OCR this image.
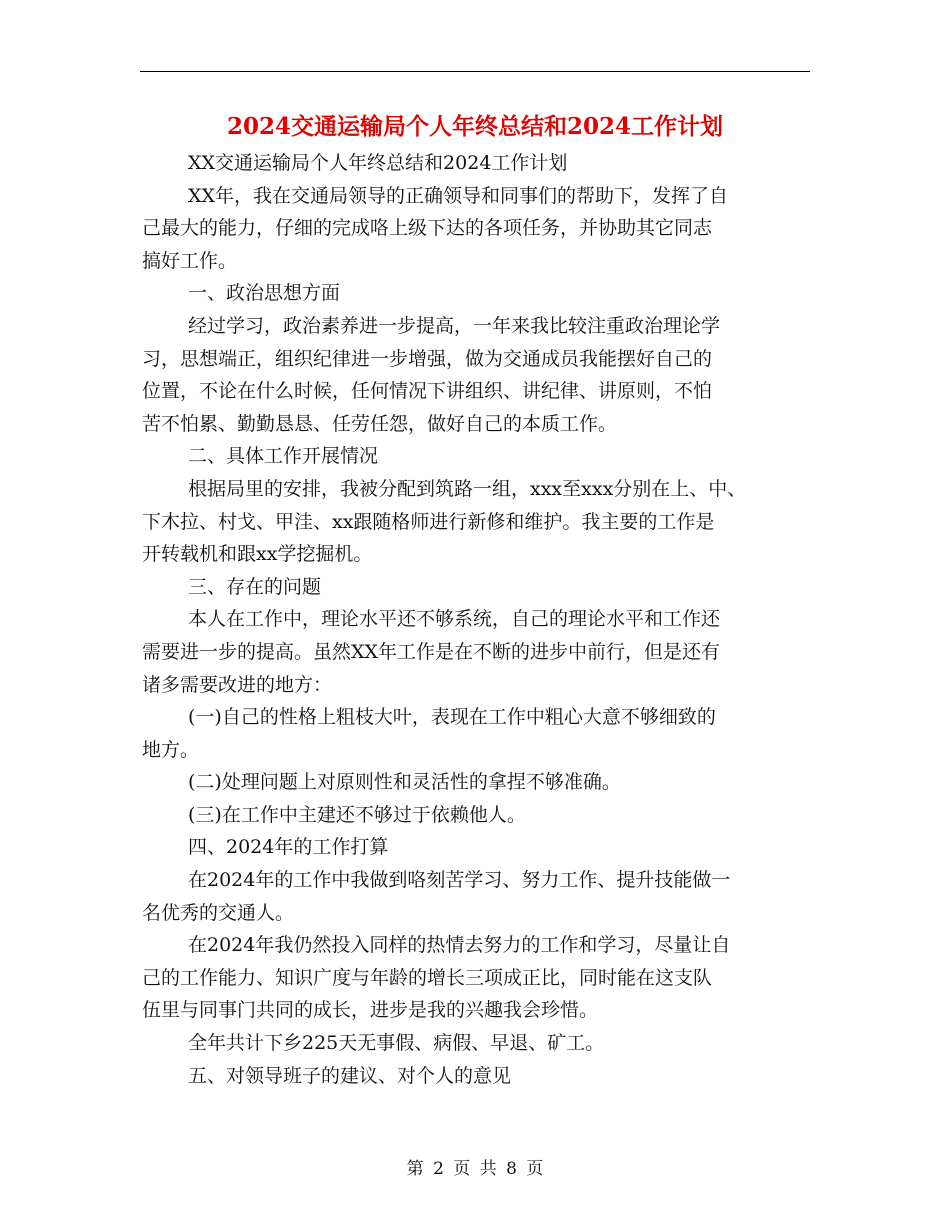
2024交通运输局个人年终总结和2024工作计划
XX交通运输局个人年终总结和2024工作计划
XX年，我在交通局领导的正确领导和同事们的帮助下，发挥了自
己最大的能力，仔细的完成咯上级下达的各项任务，并协助其它同志
搞好工作。
一、政治思想方面
经过学习，政治素养进一步提高，一年来我比较注重政治理论学
习，思想端正，组织纪律进一步增强，做为交通成员我能摆好自己的
位置，不论在什么时候，任何情况下讲组织、讲纪律、讲原则，不怕
苦不怕累、勤勤恳恳、任劳任怨，做好自己的本质工作。
二、具体工作开展情况
根据局里的安排，我被分配到筑路一组，xxx至xxx分别在上、中、
下木拉、村戈、甲洼、xx跟随格师进行新修和维护。我主要的工作是
开转载机和跟xx学挖掘机。
三、存在的问题
本人在工作中，理论水平还不够系统，自己的理论水平和工作还
需要进一步的提高。虽然XX年工作是在不断的进步中前行，但是还有
诸多需要改进的地方：
(一)自己的性格上粗枝大叶，表现在工作中粗心大意不够细致的
地方。
(二)处理问题上对原则性和灵活性的拿捏不够准确。
(三)在工作中主建还不够过于依赖他人。
四、2024年的工作打算
在2024年的工作中我做到咯刻苦学习、努力工作、提升技能做一
名优秀的交通人。
在2024年我仍然投入同样的热情去努力的工作和学习，尽量让自
己的工作能力、知识广度与年龄的增长三项成正比，同时能在这支队
伍里与同事门共同的成长，进步是我的兴趣我会珍惜。
全年共计下乡225天无事假、病假、早退、矿工。
五、对领导班子的建议、对个人的意见
第 2 页 共 8 页
